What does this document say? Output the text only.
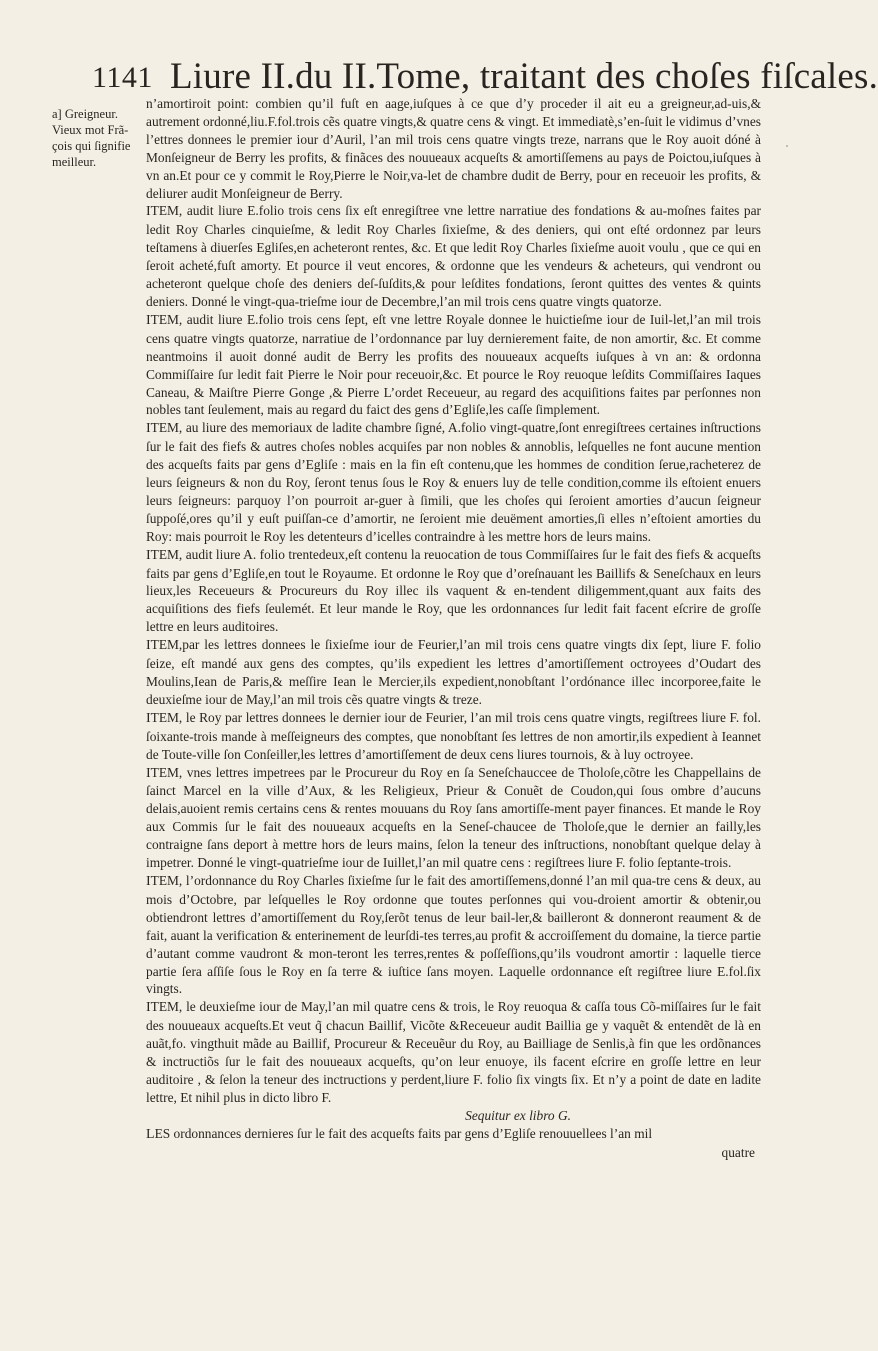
1141 Liure II.du II.Tome, traitant des choſes fiſcales.

a] Greigneur.

Vieux mot Frã-

çois qui ſignifie

meilleur.

n’amortiroit point: combien qu’il fuſt en aage,iuſques à ce que d’y proceder il ait eu a greigneur,ad-uis,& autrement ordonné,liu.F.fol.trois cẽs quatre vingts,& quatre cens & vingt. Et immediatè,s’en-ſuit le vidimus d’vnes l’ettres donnees le premier iour d’Auril, l’an mil trois cens quatre vingts treze, narrans que le Roy auoit dóné à Monſeigneur de Berry les profits, & finãces des nouueaux acqueſts & amortiſſemens au pays de Poictou,iuſques à vn an.Et pour ce y commit le Roy,Pierre le Noir,va-let de chambre dudit de Berry, pour en receuoir les profits, & deliurer audit Monſeigneur de Berry.

ITEM, audit liure E.folio trois cens ſix eſt enregiſtree vne lettre narratiue des fondations & au-moſnes faites par ledit Roy Charles cinquieſme, & ledit Roy Charles ſixieſme, & des deniers, qui ont eſté ordonnez par leurs teſtamens à diuerſes Egliſes,en acheteront rentes, &c. Et que ledit Roy Charles ſixieſme auoit voulu , que ce qui en ſeroit acheté,fuſt amorty. Et pource il veut encores, & ordonne que les vendeurs & acheteurs, qui vendront ou acheteront quelque choſe des deniers deſ-ſuſdits,& pour leſdites fondations, ſeront quittes des ventes & quints deniers. Donné le vingt-qua-trieſme iour de Decembre,l’an mil trois cens quatre vingts quatorze.

ITEM, audit liure E.folio trois cens ſept, eſt vne lettre Royale donnee le huictieſme iour de Iuil-let,l’an mil trois cens quatre vingts quatorze, narratiue de l’ordonnance par luy dernierement faite, de non amortir, &c. Et comme neantmoins il auoit donné audit de Berry les profits des nouueaux acqueſts iuſques à vn an: & ordonna Commiſſaire ſur ledit fait Pierre le Noir pour receuoir,&c. Et pource le Roy reuoque leſdits Commiſſaires Iaques Caneau, & Maiſtre Pierre Gonge ,& Pierre L’ordet Receueur, au regard des acquiſitions faites par perſonnes non nobles tant ſeulement, mais au regard du faict des gens d’Egliſe,les caſſe ſimplement.

ITEM, au liure des memoriaux de ladite chambre ſigné, A.folio vingt-quatre,ſont enregiſtrees certaines inſtructions ſur le fait des fiefs & autres choſes nobles acquiſes par non nobles & annoblis, leſquelles ne font aucune mention des acqueſts faits par gens d’Egliſe : mais en la fin eſt contenu,que les hommes de condition ſerue,racheterez de leurs ſeigneurs & non du Roy, ſeront tenus ſous le Roy & enuers luy de telle condition,comme ils eſtoient enuers leurs ſeigneurs: parquoy l’on pourroit ar-guer à ſimili, que les choſes qui ſeroient amorties d’aucun ſeigneur ſuppoſé,ores qu’il y euſt puiſſan-ce d’amortir, ne ſeroient mie deuëment amorties,ſi elles n’eſtoient amorties du Roy: mais pourroit le Roy les detenteurs d’icelles contraindre à les mettre hors de leurs mains.

ITEM, audit liure A. folio trentedeux,eſt contenu la reuocation de tous Commiſſaires ſur le fait des fiefs & acqueſts faits par gens d’Egliſe,en tout le Royaume. Et ordonne le Roy que d’oreſnauant les Baillifs & Seneſchaux en leurs lieux,les Receueurs & Procureurs du Roy illec ils vaquent & en-tendent diligemment,quant aux faits des acquiſitions des fiefs ſeulemét. Et leur mande le Roy, que les ordonnances ſur ledit fait facent eſcrire de groſſe lettre en leurs auditoires.

ITEM,par les lettres donnees le ſixieſme iour de Feurier,l’an mil trois cens quatre vingts dix ſept, liure F. folio ſeize, eſt mandé aux gens des comptes, qu’ils expedient les lettres d’amortiſſement octroyees d’Oudart des Moulins,Iean de Paris,& meſſire Iean le Mercier,ils expedient,nonobſtant l’ordónance illec incorporee,faite le deuxieſme iour de May,l’an mil trois cẽs quatre vingts & treze.

ITEM, le Roy par lettres donnees le dernier iour de Feurier, l’an mil trois cens quatre vingts, regiſtrees liure F. fol. ſoixante-trois mande à meſſeigneurs des comptes, que nonobſtant ſes lettres de non amortir,ils expedient à Ieannet de Toute-ville ſon Conſeiller,les lettres d’amortiſſement de deux cens liures tournois, & à luy octroyee.

ITEM, vnes lettres impetrees par le Procureur du Roy en ſa Seneſchauccee de Tholoſe,cõtre les Chappellains de ſainct Marcel en la ville d’Aux, & les Religieux, Prieur & Conuẽt de Coudon,qui ſous ombre d’aucuns delais,auoient remis certains cens & rentes mouuans du Roy ſans amortiſſe-ment payer finances. Et mande le Roy aux Commis ſur le fait des nouueaux acqueſts en la Seneſ-chaucee de Tholoſe,que le dernier an failly,les contraigne ſans deport à mettre hors de leurs mains, ſelon la teneur des inſtructions, nonobſtant quelque delay à impetrer. Donné le vingt-quatrieſme iour de Iuillet,l’an mil quatre cens : regiſtrees liure F. folio ſeptante-trois.

ITEM, l’ordonnance du Roy Charles ſixieſme ſur le fait des amortiſſemens,donné l’an mil qua-tre cens & deux, au mois d’Octobre, par leſquelles le Roy ordonne que toutes perſonnes qui vou-droient amortir & obtenir,ou obtiendront lettres d’amortiſſement du Roy,ſerõt tenus de leur bail-ler,& bailleront & donneront reaument & de fait, auant la verification & enterinement de leurſdi-tes terres,au profit & accroiſſement du domaine, la tierce partie d’autant comme vaudront & mon-teront les terres,rentes & poſſeſſions,qu’ils voudront amortir : laquelle tierce partie ſera aſſiſe ſous le Roy en ſa terre & iuſtice ſans moyen. Laquelle ordonnance eſt regiſtree liure E.fol.ſix vingts.

ITEM, le deuxieſme iour de May,l’an mil quatre cens & trois, le Roy reuoqua & caſſa tous Cõ-miſſaires ſur le fait des nouueaux acqueſts.Et veut q̃ chacun Baillif, Vicõte &Receueur audit Baillia ge y vaquẽt & entendẽt de là en auãt,fo. vingthuit mãde au Baillif, Procureur & Receuẽur du Roy, au Bailliage de Senlis,à fin que les ordõnances & inctructiõs ſur le fait des nouueaux acqueſts, qu’on leur enuoye, ils facent eſcrire en groſſe lettre en leur auditoire , & ſelon la teneur des inctructions y perdent,liure F. folio ſix vingts ſix. Et n’y a point de date en ladite lettre, Et nihil plus in dicto libro F.

Sequitur ex libro G.

LES ordonnances dernieres ſur le fait des acqueſts faits par gens d’Egliſe renouuellees l’an mil

quatre
